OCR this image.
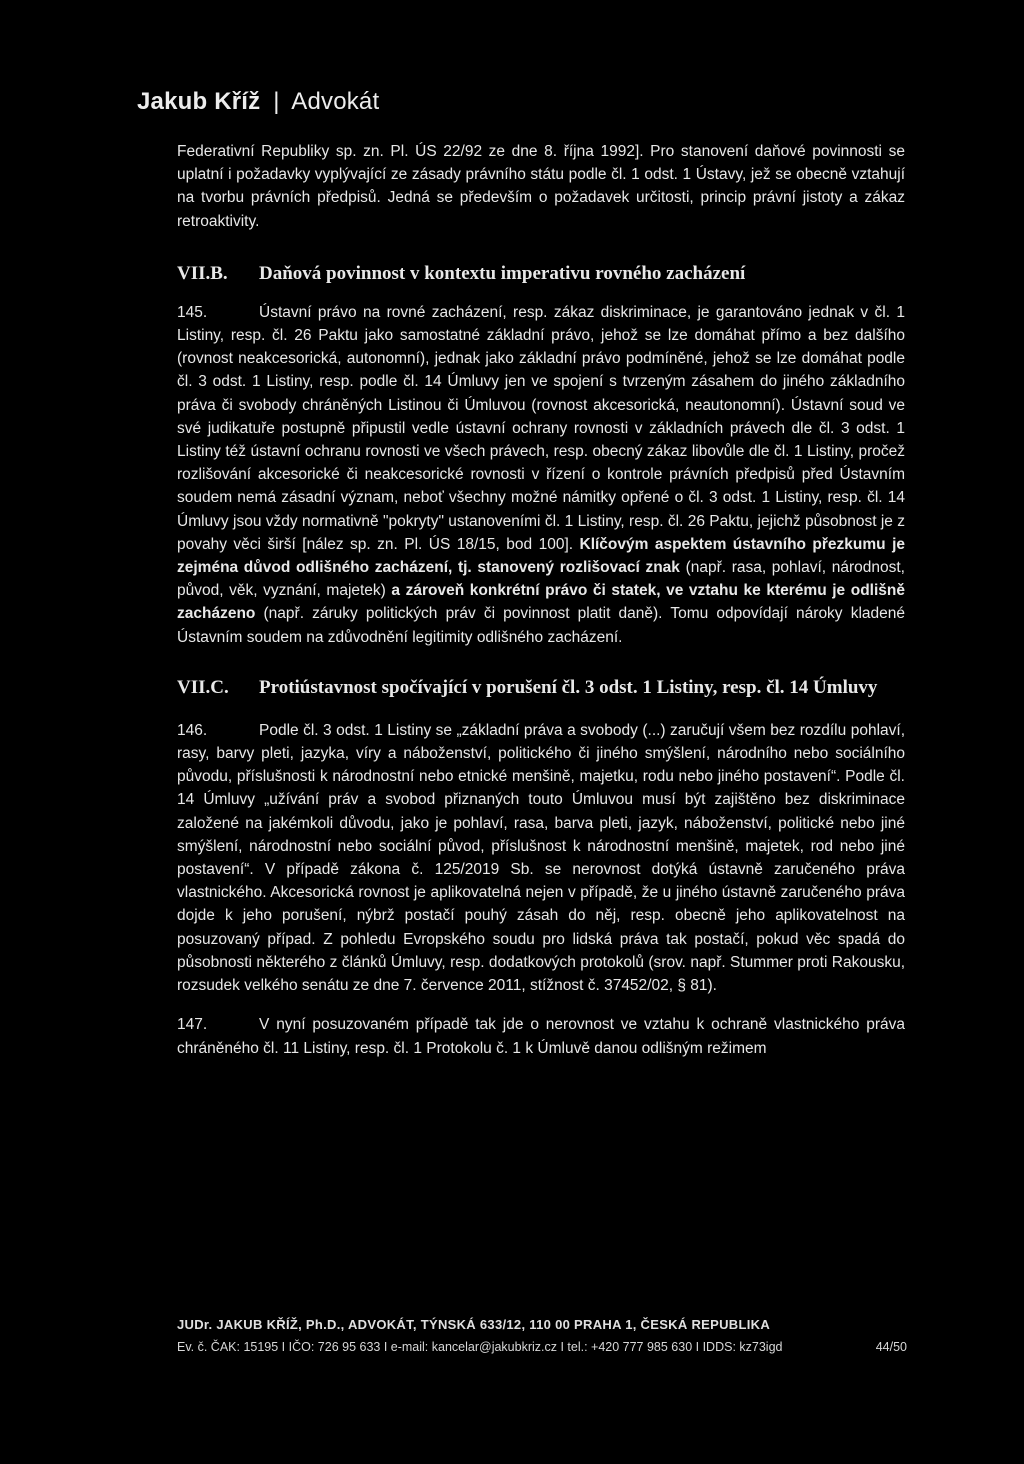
Jakub Kříž | Advokát

Federativní Republiky sp. zn. Pl. ÚS 22/92 ze dne 8. října 1992]. Pro stanovení daňové povinnosti se uplatní i požadavky vyplývající ze zásady právního státu podle čl. 1 odst. 1 Ústavy, jež se obecně vztahují na tvorbu právních předpisů. Jedná se především o požadavek určitosti, princip právní jistoty a zákaz retroaktivity.

VII.B. Daňová povinnost v kontextu imperativu rovného zacházení

145.	Ústavní právo na rovné zacházení, resp. zákaz diskriminace, je garantováno jednak v čl. 1 Listiny, resp. čl. 26 Paktu jako samostatné základní právo, jehož se lze domáhat přímo a bez dalšího (rovnost neakcesorická, autonomní), jednak jako základní právo podmíněné, jehož se lze domáhat podle čl. 3 odst. 1 Listiny, resp. podle čl. 14 Úmluvy jen ve spojení s tvrzeným zásahem do jiného základního práva či svobody chráněných Listinou či Úmluvou (rovnost akcesorická, neautonomní). Ústavní soud ve své judikatuře postupně připustil vedle ústavní ochrany rovnosti v základních právech dle čl. 3 odst. 1 Listiny též ústavní ochranu rovnosti ve všech právech, resp. obecný zákaz libovůle dle čl. 1 Listiny, pročež rozlišování akcesorické či neakcesorické rovnosti v řízení o kontrole právních předpisů před Ústavním soudem nemá zásadní význam, neboť všechny možné námitky opřené o čl. 3 odst. 1 Listiny, resp. čl. 14 Úmluvy jsou vždy normativně "pokryty" ustanoveními čl. 1 Listiny, resp. čl. 26 Paktu, jejichž působnost je z povahy věci širší [nález sp. zn. Pl. ÚS 18/15, bod 100]. Klíčovým aspektem ústavního přezkumu je zejména důvod odlišného zacházení, tj. stanovený rozlišovací znak (např. rasa, pohlaví, národnost, původ, věk, vyznání, majetek) a zároveň konkrétní právo či statek, ve vztahu ke kterému je odlišně zacházeno (např. záruky politických práv či povinnost platit daně). Tomu odpovídají nároky kladené Ústavním soudem na zdůvodnění legitimity odlišného zacházení.

VII.C. Protiústavnost spočívající v porušení čl. 3 odst. 1 Listiny, resp. čl. 14 Úmluvy

146.	Podle čl. 3 odst. 1 Listiny se „základní práva a svobody (...) zaručují všem bez rozdílu pohlaví, rasy, barvy pleti, jazyka, víry a náboženství, politického či jiného smýšlení, národního nebo sociálního původu, příslušnosti k národnostní nebo etnické menšině, majetku, rodu nebo jiného postavení“. Podle čl. 14 Úmluvy „užívání práv a svobod přiznaných touto Úmluvou musí být zajištěno bez diskriminace založené na jakémkoli důvodu, jako je pohlaví, rasa, barva pleti, jazyk, náboženství, politické nebo jiné smýšlení, národnostní nebo sociální původ, příslušnost k národnostní menšině, majetek, rod nebo jiné postavení“. V případě zákona č. 125/2019 Sb. se nerovnost dotýká ústavně zaručeného práva vlastnického. Akcesorická rovnost je aplikovatelná nejen v případě, že u jiného ústavně zaručeného práva dojde k jeho porušení, nýbrž postačí pouhý zásah do něj, resp. obecně jeho aplikovatelnost na posuzovaný případ. Z pohledu Evropského soudu pro lidská práva tak postačí, pokud věc spadá do působnosti některého z článků Úmluvy, resp. dodatkových protokolů (srov. např. Stummer proti Rakousku, rozsudek velkého senátu ze dne 7. července 2011, stížnost č. 37452/02, § 81).

147.	V nyní posuzovaném případě tak jde o nerovnost ve vztahu k ochraně vlastnického práva chráněného čl. 11 Listiny, resp. čl. 1 Protokolu č. 1 k Úmluvě danou odlišným režimem

JUDr. JAKUB KŘÍŽ, Ph.D., ADVOKÁT, TÝNSKÁ 633/12, 110 00 PRAHA 1, ČESKÁ REPUBLIKA
Ev. č. ČAK: 15195 I IČO: 726 95 633 I e-mail: kancelar@jakubkriz.cz I tel.: +420 777 985 630 I IDDS: kz73igd	44/50
